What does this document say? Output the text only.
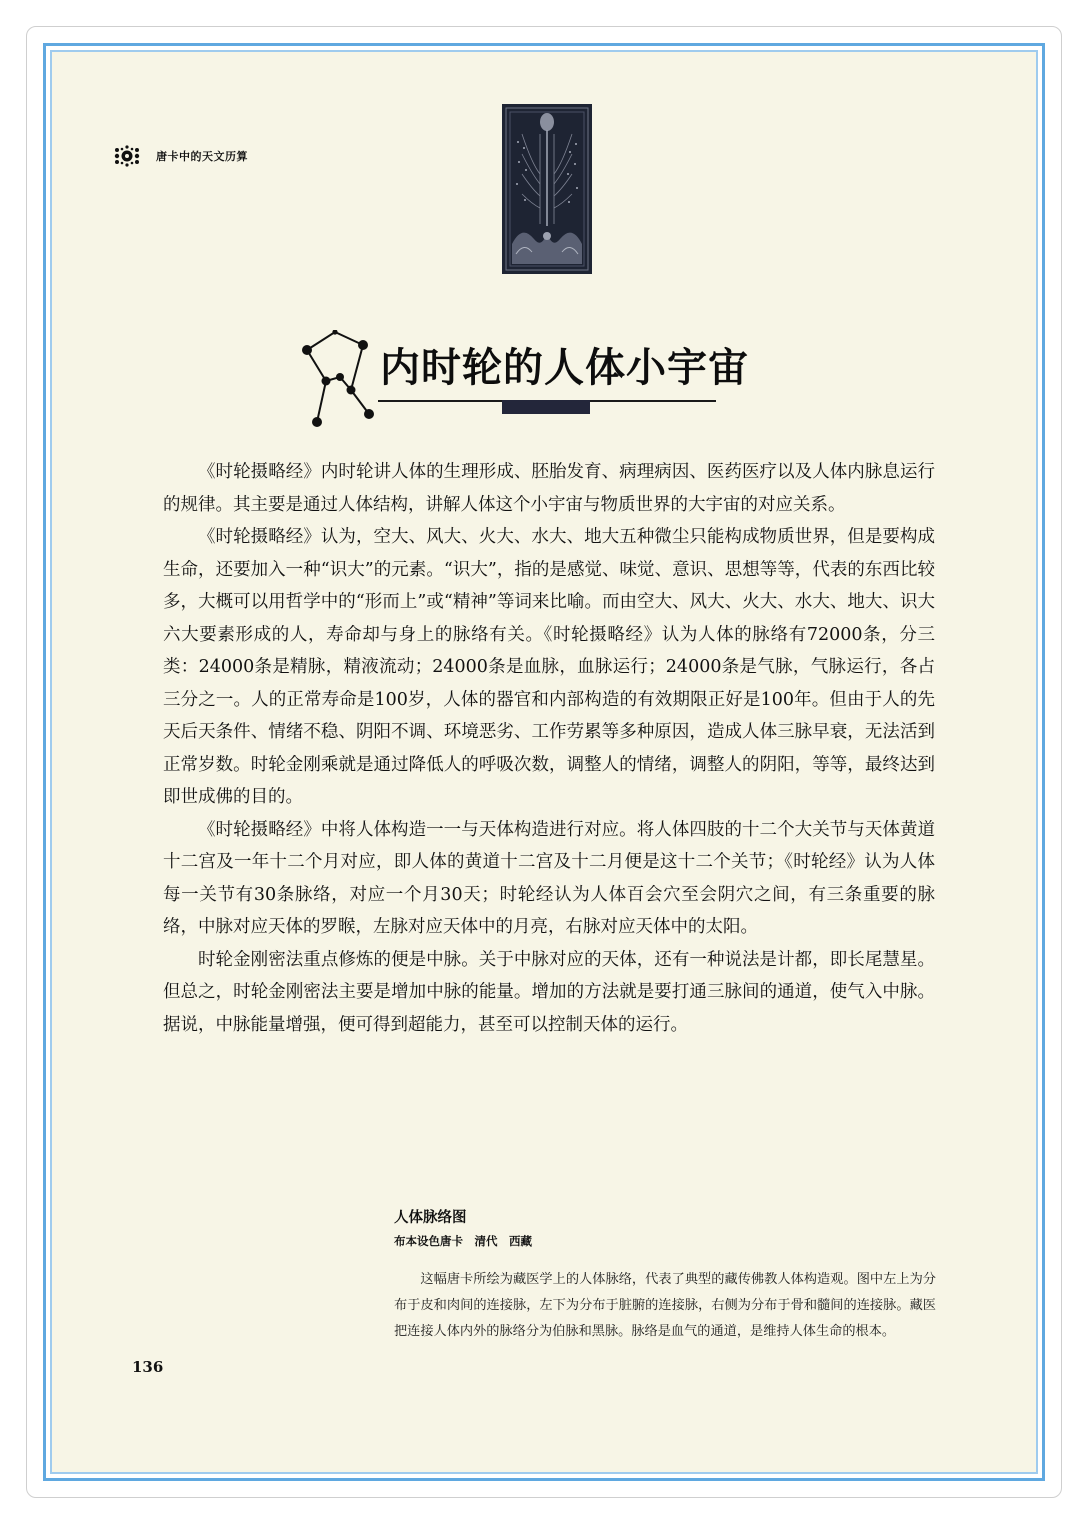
唐卡中的天文历算
内时轮的人体小宇宙

《时轮摄略经》内时轮讲人体的生理形成、胚胎发育、病理病因、医药医疗以及人体内脉息运行的规律。其主要是通过人体结构，讲解人体这个小宇宙与物质世界的大宇宙的对应关系。

《时轮摄略经》认为，空大、风大、火大、水大、地大五种微尘只能构成物质世界，但是要构成生命，还要加入一种“识大”的元素。“识大”，指的是感觉、味觉、意识、思想等等，代表的东西比较多，大概可以用哲学中的“形而上”或“精神”等词来比喻。而由空大、风大、火大、水大、地大、识大六大要素形成的人，寿命却与身上的脉络有关。《时轮摄略经》认为人体的脉络有72000条，分三类：24000条是精脉，精液流动；24000条是血脉，血脉运行；24000条是气脉，气脉运行，各占三分之一。人的正常寿命是100岁，人体的器官和内部构造的有效期限正好是100年。但由于人的先天后天条件、情绪不稳、阴阳不调、环境恶劣、工作劳累等多种原因，造成人体三脉早衰，无法活到正常岁数。时轮金刚乘就是通过降低人的呼吸次数，调整人的情绪，调整人的阴阳，等等，最终达到即世成佛的目的。

《时轮摄略经》中将人体构造一一与天体构造进行对应。将人体四肢的十二个大关节与天体黄道十二宫及一年十二个月对应，即人体的黄道十二宫及十二月便是这十二个关节；《时轮经》认为人体每一关节有30条脉络，对应一个月30天；时轮经认为人体百会穴至会阴穴之间，有三条重要的脉络，中脉对应天体的罗睺，左脉对应天体中的月亮，右脉对应天体中的太阳。

时轮金刚密法重点修炼的便是中脉。关于中脉对应的天体，还有一种说法是计都，即长尾慧星。但总之，时轮金刚密法主要是增加中脉的能量。增加的方法就是要打通三脉间的通道，使气入中脉。据说，中脉能量增强，便可得到超能力，甚至可以控制天体的运行。

人体脉络图
布本设色唐卡　清代　西藏

这幅唐卡所绘为藏医学上的人体脉络，代表了典型的藏传佛教人体构造观。图中左上为分布于皮和肉间的连接脉，左下为分布于脏腑的连接脉，右侧为分布于骨和髓间的连接脉。藏医把连接人体内外的脉络分为伯脉和黑脉。脉络是血气的通道，是维持人体生命的根本。

136
